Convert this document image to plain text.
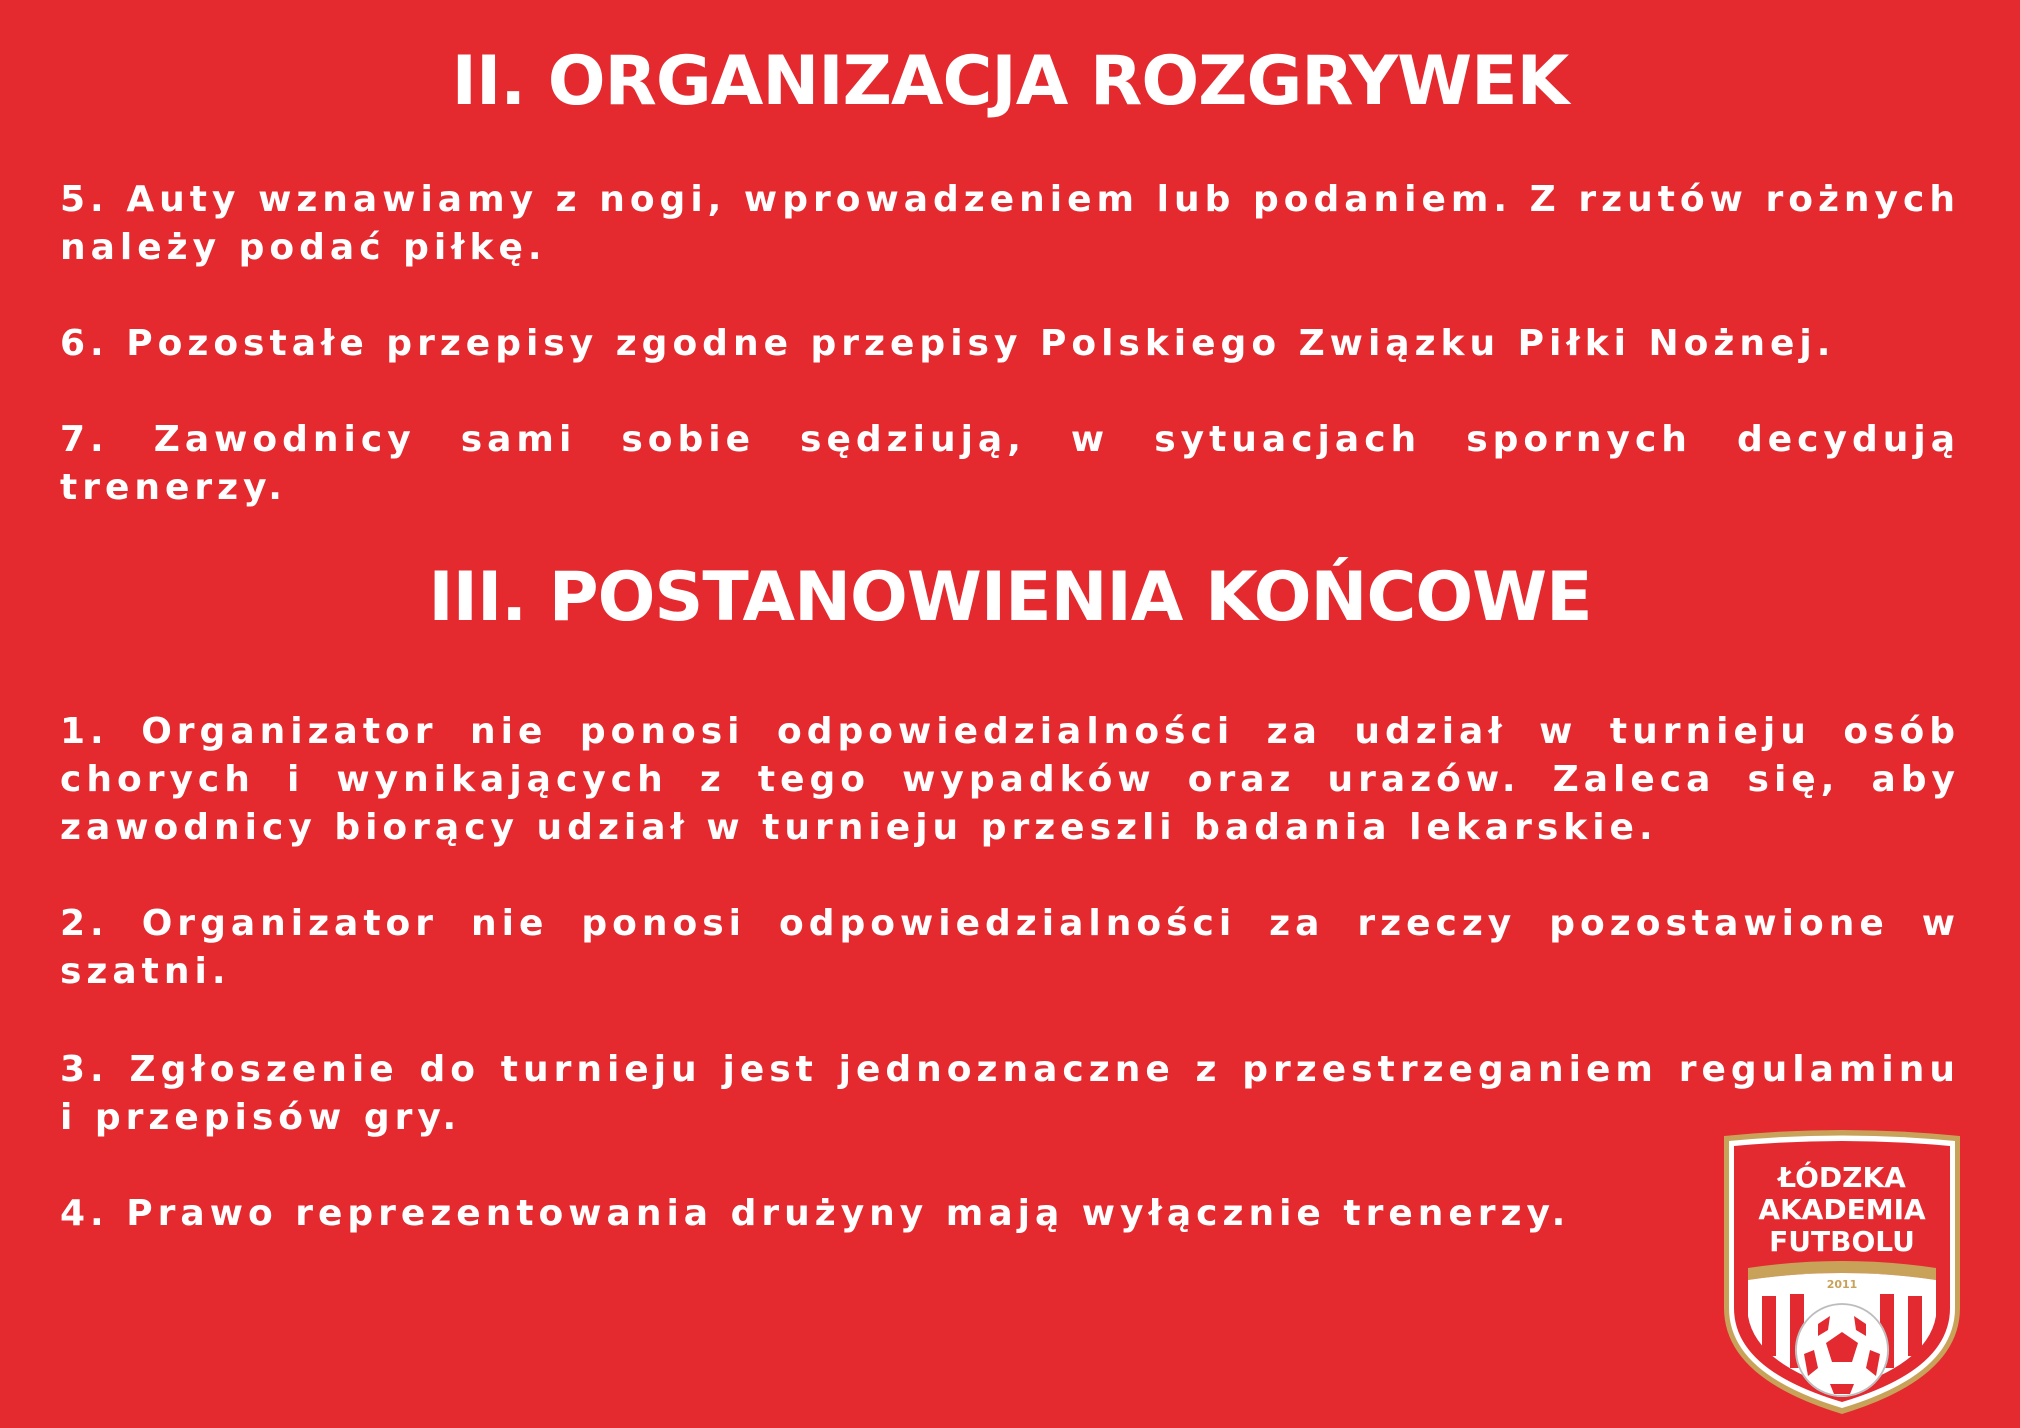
II. ORGANIZACJA ROZGRYWEK

5. Auty wznawiamy z nogi, wprowadzeniem lub podaniem. Z rzutów rożnych należy podać piłkę.

6. Pozostałe przepisy zgodne przepisy Polskiego Związku Piłki Nożnej.

7. Zawodnicy sami sobie sędziują, w sytuacjach spornych decydują trenerzy.

III. POSTANOWIENIA KOŃCOWE

1. Organizator nie ponosi odpowiedzialności za udział w turnieju osób chorych i wynikających z tego wypadków oraz urazów. Zaleca się, aby zawodnicy biorący udział w turnieju przeszli badania lekarskie.

2. Organizator nie ponosi odpowiedzialności za rzeczy pozostawione w szatni.

3. Zgłoszenie do turnieju jest jednoznaczne z przestrzeganiem regulaminu i przepisów gry.

4. Prawo reprezentowania drużyny mają wyłącznie trenerzy.

ŁÓDZKA
AKADEMIA
FUTBOLU
2011
